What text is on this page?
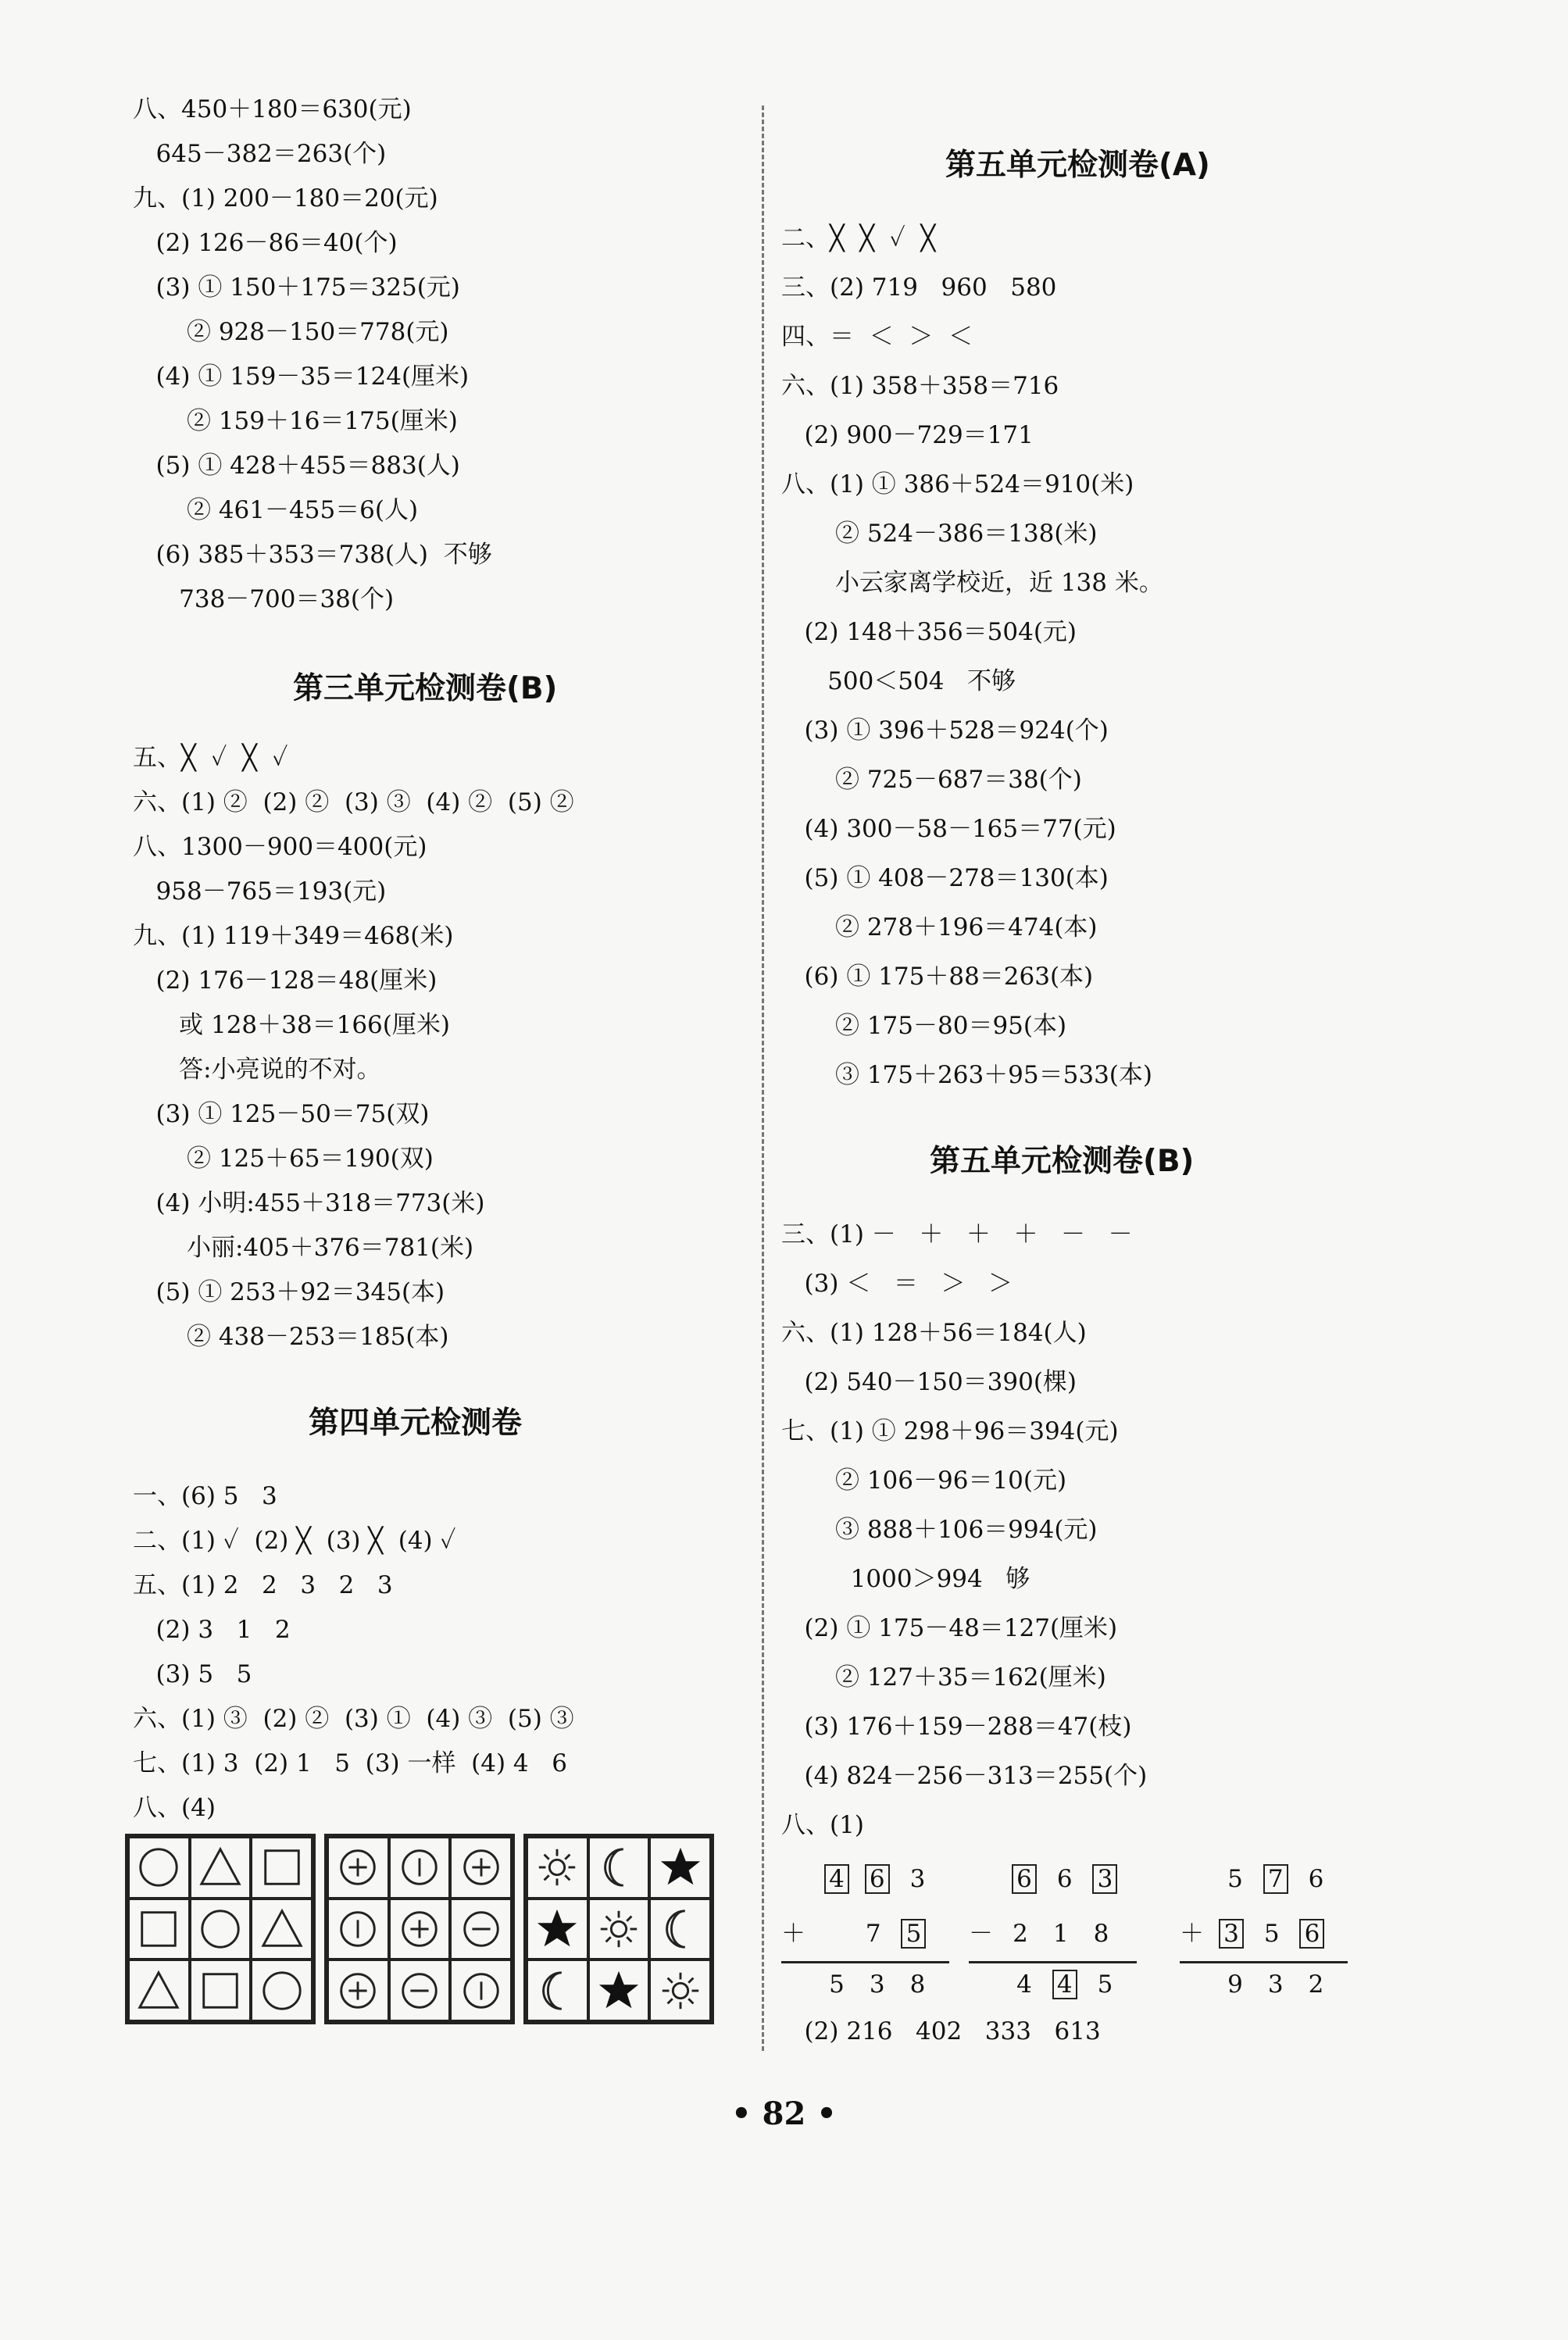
八、450＋180＝630(元)
645－382＝263(个)
九、(1) 200－180＝20(元)
(2) 126－86＝40(个)
(3) ① 150＋175＝325(元)
② 928－150＝778(元)
(4) ① 159－35＝124(厘米)
② 159＋16＝175(厘米)
(5) ① 428＋455＝883(人)
② 461－455＝6(人)
(6) 385＋353＝738(人)  不够
738－700＝38(个)
第三单元检测卷(B)
五、╳  ✓  ╳  ✓
六、(1) ②  (2) ②  (3) ③  (4) ②  (5) ②
八、1300－900＝400(元)
958－765＝193(元)
九、(1) 119＋349＝468(米)
(2) 176－128＝48(厘米)
或 128＋38＝166(厘米)
答:小亮说的不对。
(3) ① 125－50＝75(双)
② 125＋65＝190(双)
(4) 小明:455＋318＝773(米)
小丽:405＋376＝781(米)
(5) ① 253＋92＝345(本)
② 438－253＝185(本)
第四单元检测卷
一、(6) 5   3
二、(1) ✓  (2) ╳  (3) ╳  (4) ✓
五、(1) 2   2   3   2   3
(2) 3   1   2
(3) 5   5
六、(1) ③  (2) ②  (3) ①  (4) ③  (5) ③
七、(1) 3  (2) 1   5  (3) 一样  (4) 4   6
八、(4)
第五单元检测卷(A)
二、╳  ╳  ✓  ╳
三、(2) 719   960   580
四、＝  ＜  ＞  ＜
六、(1) 358＋358＝716
(2) 900－729＝171
八、(1) ① 386＋524＝910(米)
② 524－386＝138(米)
小云家离学校近，近 138 米。
(2) 148＋356＝504(元)
500＜504   不够
(3) ① 396＋528＝924(个)
② 725－687＝38(个)
(4) 300－58－165＝77(元)
(5) ① 408－278＝130(本)
② 278＋196＝474(本)
(6) ① 175＋88＝263(本)
② 175－80＝95(本)
③ 175＋263＋95＝533(本)
第五单元检测卷(B)
三、(1) －   ＋   ＋   ＋   －   －
(3) ＜   ＝   ＞   ＞
六、(1) 128＋56＝184(人)
(2) 540－150＝390(棵)
七、(1) ① 298＋96＝394(元)
② 106－96＝10(元)
③ 888＋106＝994(元)
1000＞994   够
(2) ① 175－48＝127(厘米)
② 127＋35＝162(厘米)
(3) 176＋159－288＝47(枝)
(4) 824－256－313＝255(个)
八、(1)
(2) 216   402   333   613
4 6 3
＋ 7 5
5 3 8
6 6 3
－ 2 1 8
4 4 5
5 7 6
＋ 3 5 6
9 3 2
• 82 •
